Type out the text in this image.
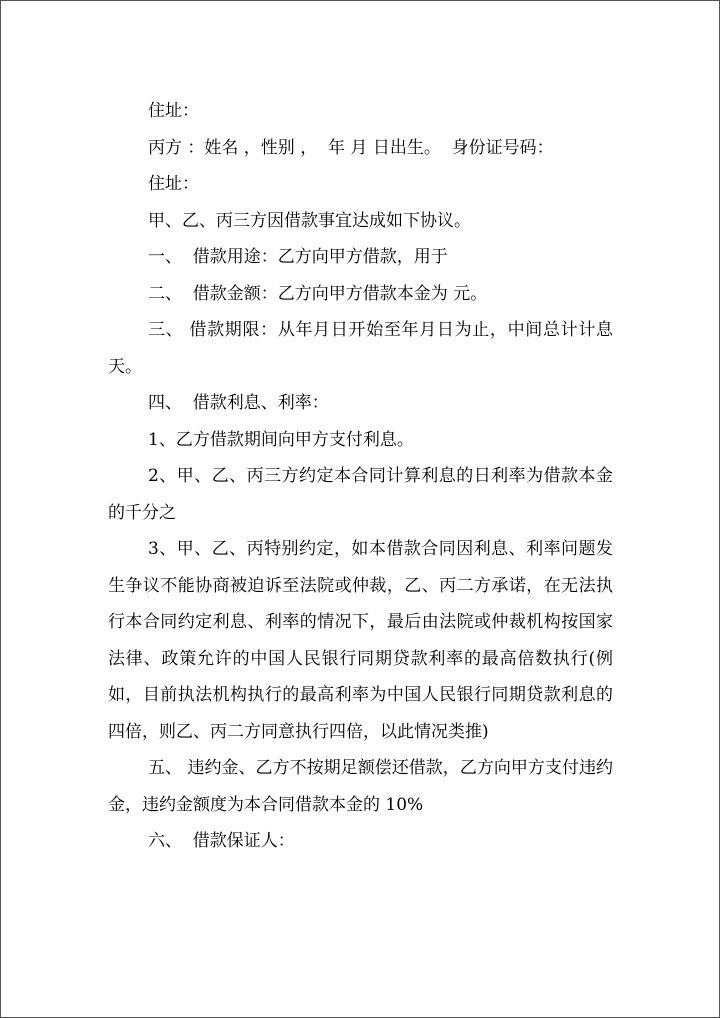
住址：

丙方 ：姓名 ，性别 ，  年 月 日出生。  身份证号码：

住址：

甲、乙、丙三方因借款事宜达成如下协议。

一、  借款用途：乙方向甲方借款，用于

二、  借款金额：乙方向甲方借款本金为 元。

三、 借款期限：从年月日开始至年月日为止，中间总计计息 天。

四、  借款利息、利率：

1、乙方借款期间向甲方支付利息。

2、甲、乙、丙三方约定本合同计算利息的日利率为借款本金的千分之

3、甲、乙、丙特别约定，如本借款合同因利息、利率问题发生争议不能协商被迫诉至法院或仲裁，乙、丙二方承诺，在无法执行本合同约定利息、利率的情况下，最后由法院或仲裁机构按国家法律、政策允许的中国人民银行同期贷款利率的最高倍数执行(例如，目前执法机构执行的最高利率为中国人民银行同期贷款利息的四倍，则乙、丙二方同意执行四倍，以此情况类推)

五、 违约金、乙方不按期足额偿还借款，乙方向甲方支付违约金，违约金额度为本合同借款本金的 10%

六、  借款保证人：
